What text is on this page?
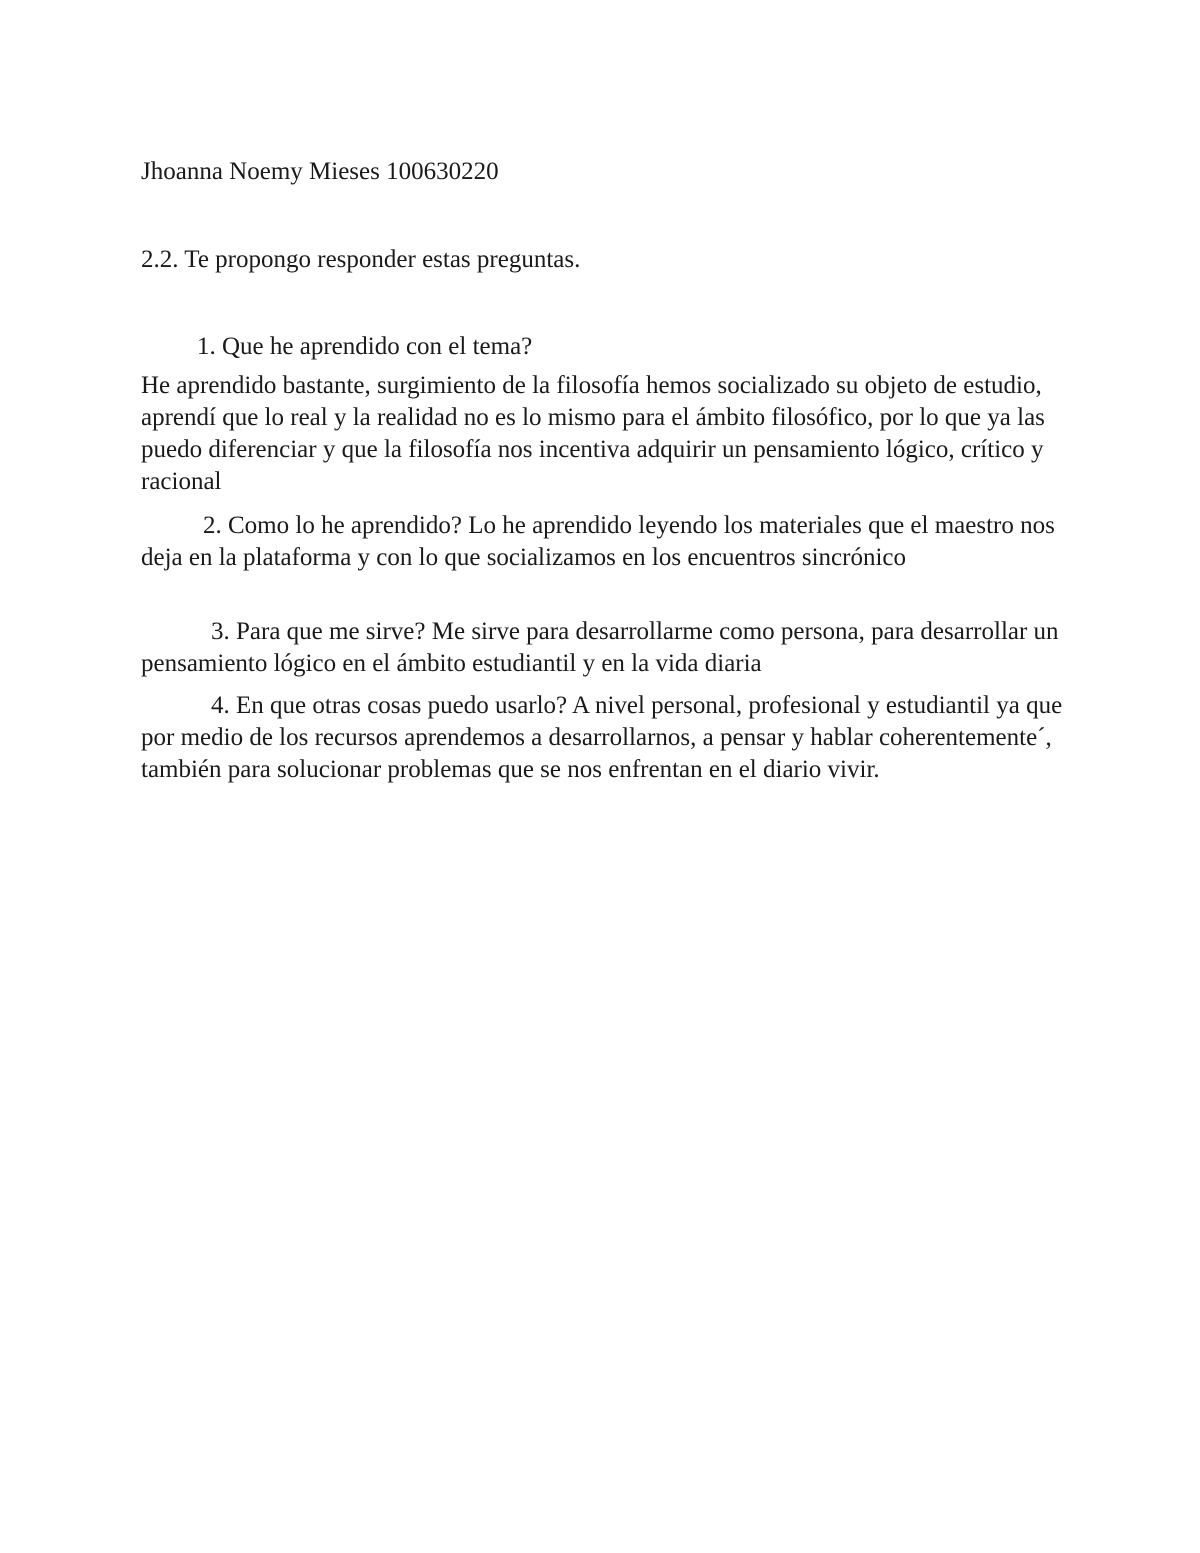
Jhoanna Noemy Mieses 100630220
2.2. Te propongo responder estas preguntas.
1. Que he aprendido con el tema?
He aprendido bastante, surgimiento de la filosofía hemos socializado su objeto de estudio, aprendí que lo real y la realidad no es lo mismo para el ámbito filosófico, por lo que ya las puedo diferenciar y que la filosofía nos incentiva adquirir un pensamiento lógico, crítico y racional
2. Como lo he aprendido? Lo he aprendido leyendo los materiales que el maestro nos deja en la plataforma y con lo que socializamos en los encuentros sincrónico
3. Para que me sirve? Me sirve para desarrollarme como persona, para desarrollar un pensamiento lógico en el ámbito estudiantil y en la vida diaria
4. En que otras cosas puedo usarlo? A nivel personal, profesional y estudiantil ya que por medio de los recursos aprendemos a desarrollarnos, a pensar y hablar coherentemente´, también para solucionar problemas que se nos enfrentan en el diario vivir.
